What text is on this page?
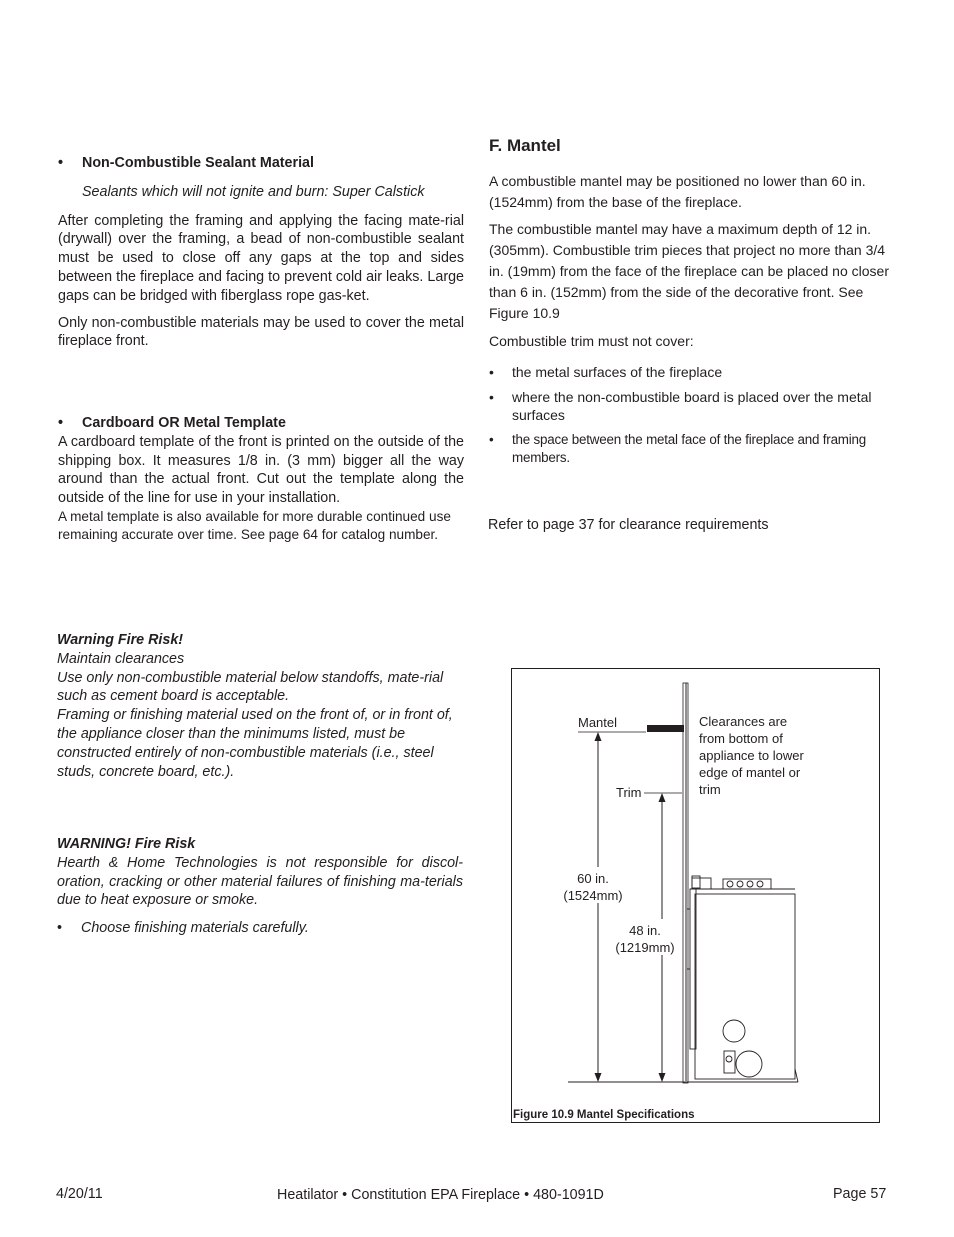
• Non-Combustible Sealant Material
Sealants which will not ignite and burn: Super Calstick

After completing the framing and applying the facing mate-rial (drywall) over the framing, a bead of non-combustible sealant must be used to close off any gaps at the top and sides between the fireplace and facing to prevent cold air leaks. Large gaps can be bridged with fiberglass rope gas-ket.

Only non-combustible materials may be used to cover the metal fireplace front.

• Cardboard OR Metal Template

A cardboard template of the front is printed on the outside of the shipping box. It measures 1/8 in. (3 mm) bigger all the way around than the actual front. Cut out the template along the outside of the line for use in your installation.

A metal template is also available for more durable continued use remaining accurate over time. See page 64 for catalog number.

Warning Fire Risk!
Maintain clearances
Use only non-combustible material below standoffs, mate-rial such as cement board is acceptable.
Framing or finishing material used on the front of, or in front of, the appliance closer than the minimums listed, must be constructed entirely of non-combustible materials (i.e., steel studs, concrete board, etc.).
WARNING! Fire Risk
Hearth & Home Technologies is not responsible for discol-oration, cracking or other material failures of finishing ma-terials due to heat exposure or smoke.
• Choose finishing materials carefully.
F. Mantel

A combustible mantel may be positioned no lower than 60 in. (1524mm) from the base of the fireplace.

The combustible mantel may have a maximum depth of 12 in. (305mm). Combustible trim pieces that project no more than 3/4 in. (19mm) from the face of the fireplace can be placed no closer than 6 in. (152mm) from the side of the decorative front. See Figure 10.9

Combustible trim must not cover:

• the metal surfaces of the fireplace
• where the non-combustible board is placed over the metal surfaces
• the space between the metal face of the fireplace and framing members.
Refer to page 37 for clearance requirements
Mantel
Trim
Clearances are
from bottom of
appliance to lower
edge of mantel or
trim
60 in.
(1524mm)
48 in.
(1219mm)
Figure 10.9 Mantel Specifications
4/20/11	Heatilator • Constitution EPA Fireplace • 480-1091D	Page 57
